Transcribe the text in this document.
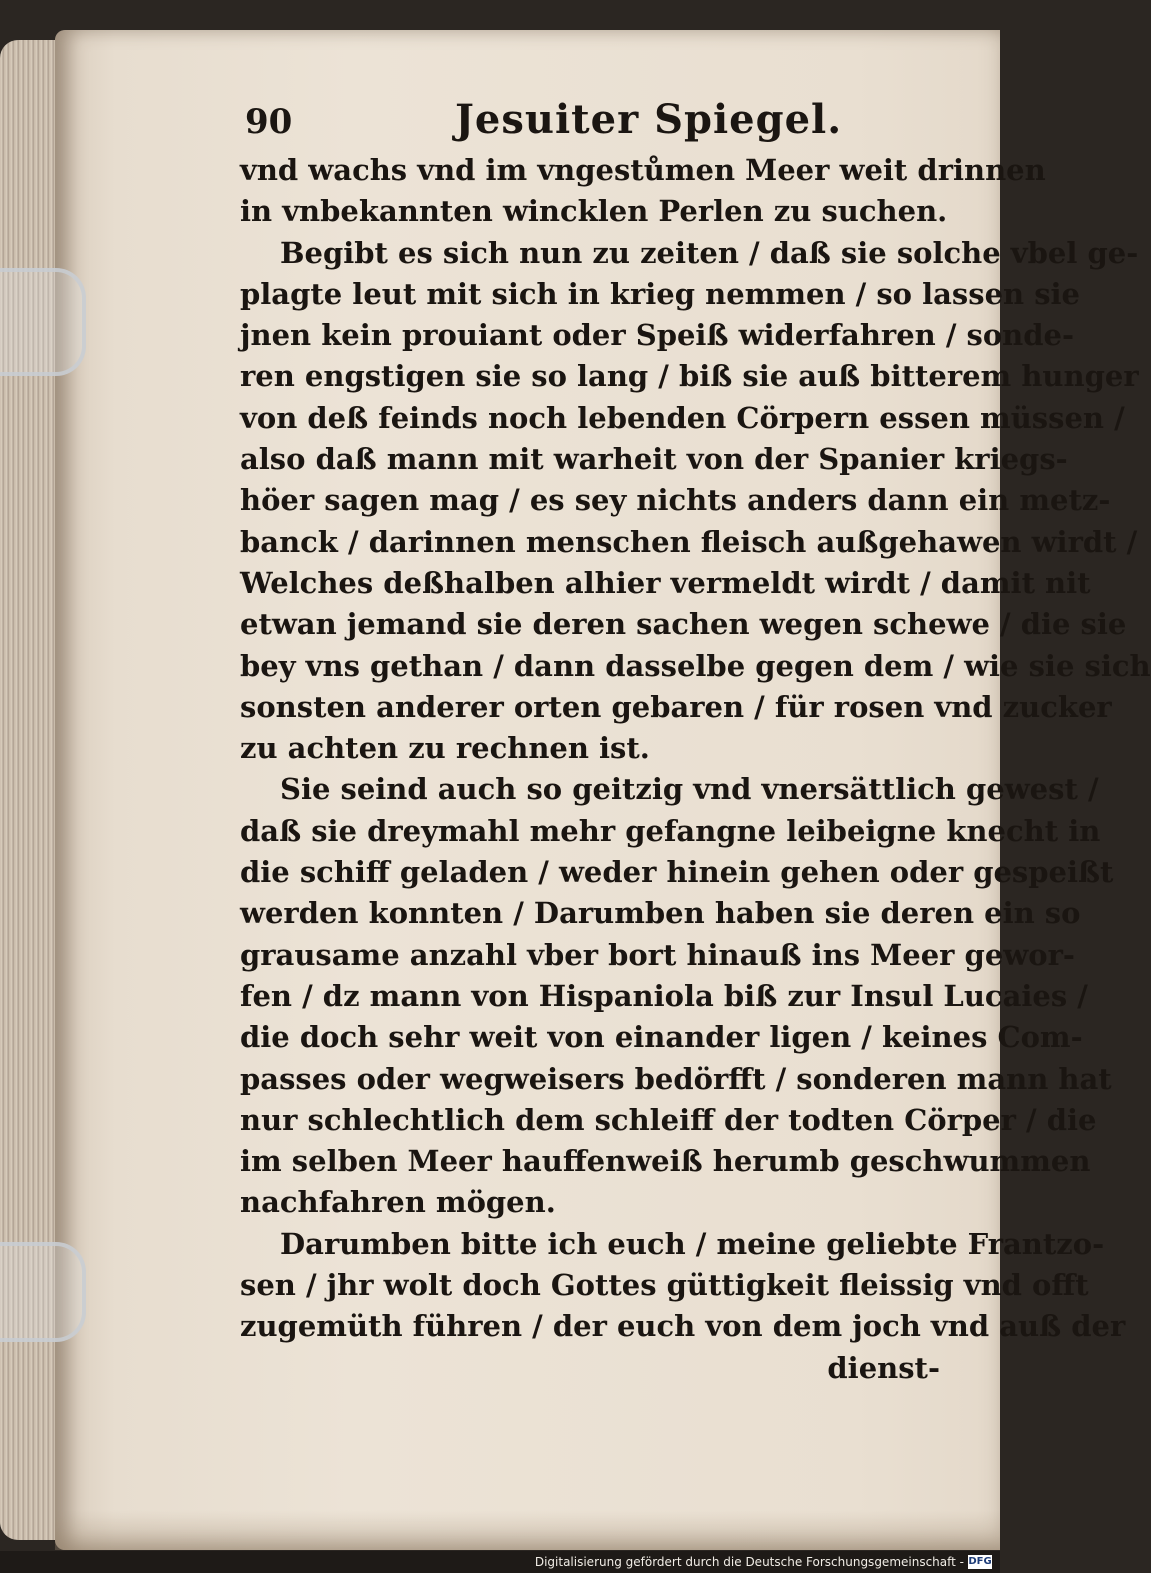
90	Jesuiter Spiegel.
vnd wachs vnd im vngestůmen Meer weit drinnen
in vnbekannten wincklen Perlen zu suchen.
Begibt es sich nun zu zeiten / daß sie solche vbel ge-
plagte leut mit sich in krieg nemmen / so lassen sie
jnen kein prouiant oder Speiß widerfahren / sonde-
ren engstigen sie so lang / biß sie auß bitterem hunger
von deß feinds noch lebenden Cörpern essen müssen /
also daß mann mit warheit von der Spanier kriegs-
höer sagen mag / es sey nichts anders dann ein metz-
banck / darinnen menschen fleisch außgehawen wirdt /
Welches deßhalben alhier vermeldt wirdt / damit nit
etwan jemand sie deren sachen wegen schewe / die sie
bey vns gethan / dann dasselbe gegen dem / wie sie sich
sonsten anderer orten gebaren / für rosen vnd zucker
zu achten zu rechnen ist.
Sie seind auch so geitzig vnd vnersättlich gewest /
daß sie dreymahl mehr gefangne leibeigne knecht in
die schiff geladen / weder hinein gehen oder gespeißt
werden konnten / Darumben haben sie deren ein so
grausame anzahl vber bort hinauß ins Meer gewor-
fen / dz mann von Hispaniola biß zur Insul Lucaies /
die doch sehr weit von einander ligen / keines Com-
passes oder wegweisers bedörfft / sonderen mann hat
nur schlechtlich dem schleiff der todten Cörper / die
im selben Meer hauffenweiß herumb geschwummen
nachfahren mögen.
Darumben bitte ich euch / meine geliebte Frantzo-
sen / jhr wolt doch Gottes güttigkeit fleissig vnd offt
zugemüth führen / der euch von dem joch vnd auß der
dienst-
Digitalisierung gefördert durch die Deutsche Forschungsgemeinschaft - DFG
